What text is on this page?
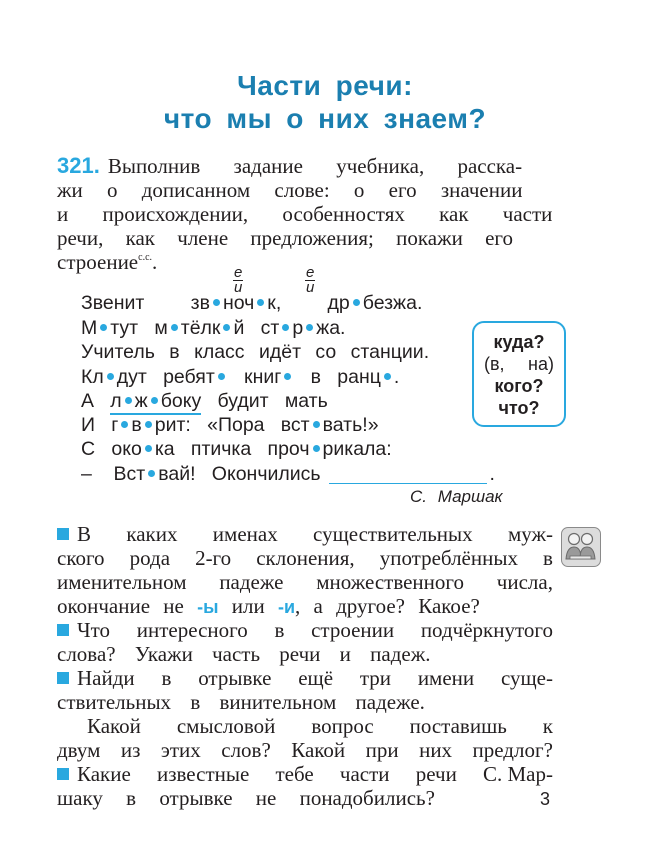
Части речи:
что мы о них знаем?
321. Выполнив задание учебника, расска-
жи о дописанном слове: о его значении
и происхождении, особенностях как части
речи, как члене предложения; покажи его
строение$^{с.с.}$.	е
и
е
и
Звенит зв ноч к, др безжа.
М тут м тёлк й ст р жа.
Учитель в класс идёт со станции.
Кл дут ребят книг в ранц .
А л ж боку будит мать
И г в рит: «Пора вст вать!»
С око ка птичка проч рикала:
– Вст вай! Окончились	.
С. Маршак
куда?
(в, на)
кого?
что?
В каких именах существительных муж-
ского рода 2-го склонения, употреблённых в
именительном падеже множественного числа,
окончание не -ы или -и, а другое? Какое?
Что интересного в строении подчёркнутого
слова? Укажи часть речи и падеж.
Найди в отрывке ещё три имени суще-
ствительных в винительном падеже.
Какой смысловой вопрос поставишь к
двум из этих слов? Какой при них предлог?
Какие известные тебе части речи С. Мар-
шаку в отрывке не понадобились?	3
